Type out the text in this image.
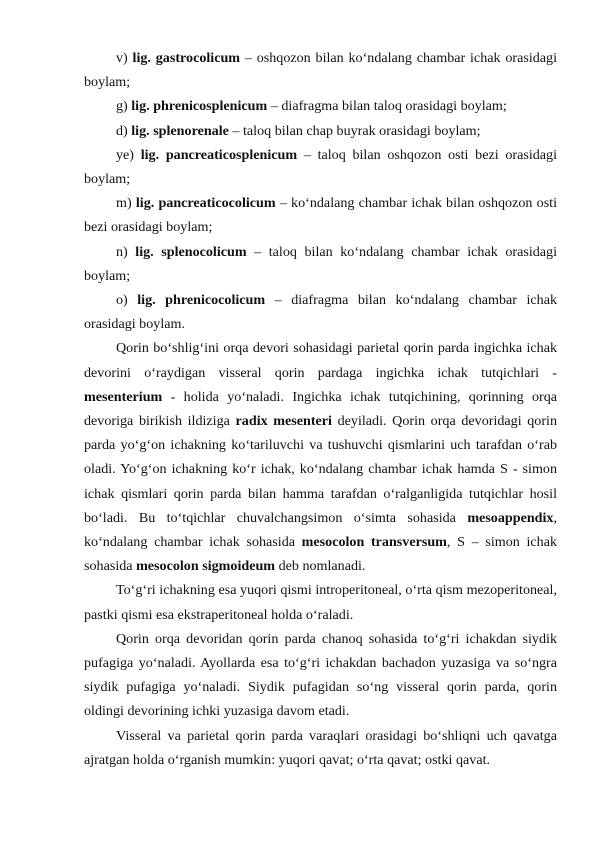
v) lig. gastrocolicum – oshqozon bilan ko‘ndalang chambar ichak orasidagi boylam;

g) lig. phrenicosplenicum – diafragma bilan taloq orasidagi boylam;

d) lig. splenorenale – taloq bilan chap buyrak orasidagi boylam;

ye) lig. pancreaticosplenicum – taloq bilan oshqozon osti bezi orasidagi boylam;

m) lig. pancreaticocolicum – ko‘ndalang chambar ichak bilan oshqozon osti bezi orasidagi boylam;

n) lig. splenocolicum – taloq bilan ko‘ndalang chambar ichak orasidagi boylam;

o) lig. phrenicocolicum – diafragma bilan ko‘ndalang chambar ichak orasidagi boylam.

Qorin bo‘shlig‘ini orqa devori sohasidagi parietal qorin parda ingichka ichak devorini o‘raydigan visseral qorin pardaga ingichka ichak tutqichlari - mesenterium - holida yo‘naladi. Ingichka ichak tutqichining, qorinning orqa devoriga birikish ildiziga radix mesenteri deyiladi. Qorin orqa devoridagi qorin parda yo‘g‘on ichakning ko‘tariluvchi va tushuvchi qismlarini uch tarafdan o‘rab oladi. Yo‘g‘on ichakning ko‘r ichak, ko‘ndalang chambar ichak hamda S - simon ichak qismlari qorin parda bilan hamma tarafdan o‘ralganligida tutqichlar hosil bo‘ladi. Bu to‘tqichlar chuvalchangsimon o‘simta sohasida mesoappendix, ko‘ndalang chambar ichak sohasida mesocolon transversum, S – simon ichak sohasida mesocolon sigmoideum deb nomlanadi.

To‘g‘ri ichakning esa yuqori qismi introperitoneal, o‘rta qism mezoperitoneal, pastki qismi esa ekstraperitoneal holda o‘raladi.

Qorin orqa devoridan qorin parda chanoq sohasida to‘g‘ri ichakdan siydik pufagiga yo‘naladi. Ayollarda esa to‘g‘ri ichakdan bachadon yuzasiga va so‘ngra siydik pufagiga yo‘naladi. Siydik pufagidan so‘ng visseral qorin parda, qorin oldingi devorining ichki yuzasiga davom etadi.

Visseral va parietal qorin parda varaqlari orasidagi bo‘shliqni uch qavatga ajratgan holda o‘rganish mumkin: yuqori qavat; o‘rta qavat; ostki qavat.
